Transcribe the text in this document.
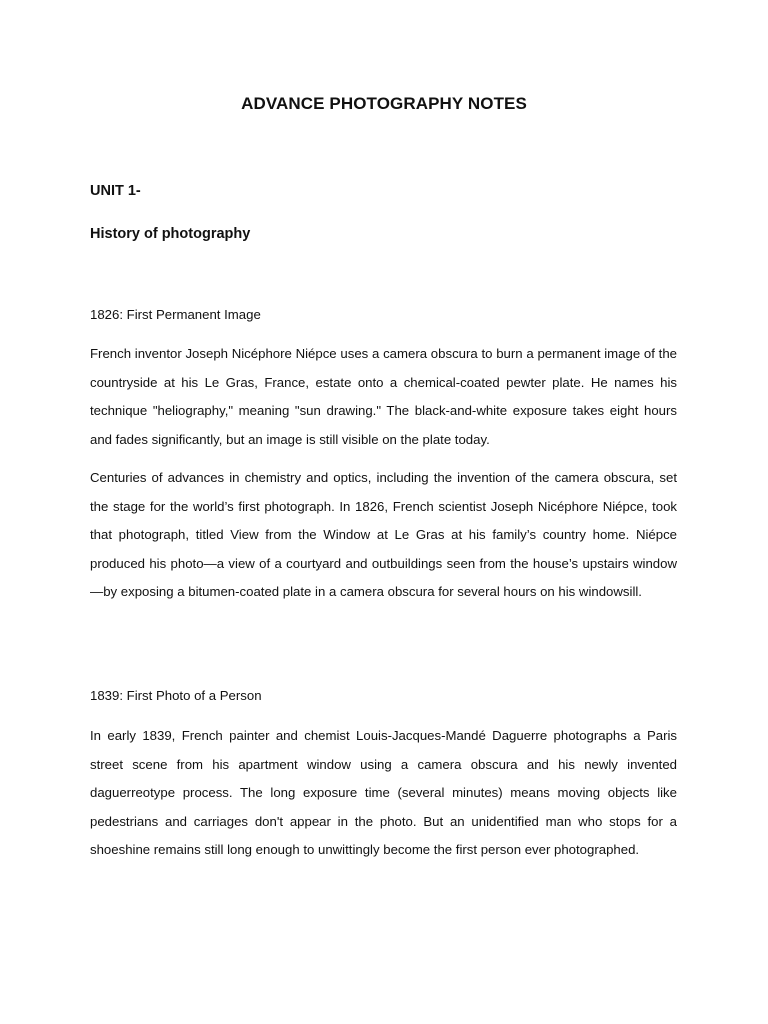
ADVANCE PHOTOGRAPHY NOTES
UNIT 1-
History of photography
1826: First Permanent Image

French inventor Joseph Nicéphore Niépce uses a camera obscura to burn a permanent image of the countryside at his Le Gras, France, estate onto a chemical-coated pewter plate. He names his technique "heliography," meaning "sun drawing." The black-and-white exposure takes eight hours and fades significantly, but an image is still visible on the plate today.

Centuries of advances in chemistry and optics, including the invention of the camera obscura, set the stage for the world’s first photograph. In 1826, French scientist Joseph Nicéphore Niépce, took that photograph, titled View from the Window at Le Gras at his family’s country home. Niépce produced his photo—a view of a courtyard and outbuildings seen from the house’s upstairs window—by exposing a bitumen-coated plate in a camera obscura for several hours on his windowsill.

1839: First Photo of a Person

In early 1839, French painter and chemist Louis-Jacques-Mandé Daguerre photographs a Paris street scene from his apartment window using a camera obscura and his newly invented daguerreotype process. The long exposure time (several minutes) means moving objects like pedestrians and carriages don't appear in the photo. But an unidentified man who stops for a shoeshine remains still long enough to unwittingly become the first person ever photographed.
